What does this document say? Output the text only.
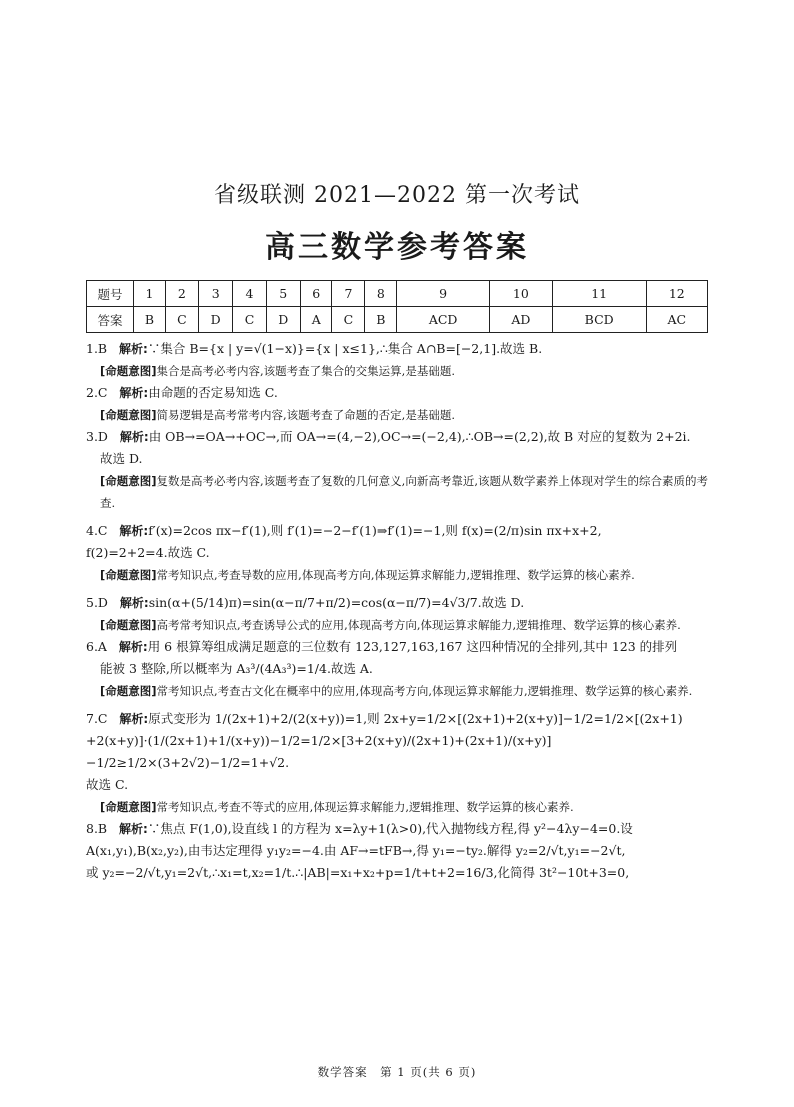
省级联测 2021—2022 第一次考试
高三数学参考答案
题号	1	2	3	4	5	6	7	8	9	10	11	12
答案	B	C	D	C	D	A	C	B	ACD	AD	BCD	AC

1.B 解析:∵集合 B={x | y=√(1−x)}={x | x≤1},∴集合 A∩B=[−2,1].故选 B.

[命题意图]集合是高考必考内容,该题考查了集合的交集运算,是基础题.

2.C 解析:由命题的否定易知选 C.

[命题意图]简易逻辑是高考常考内容,该题考查了命题的否定,是基础题.

3.D 解析:由 OB→=OA→+OC→,而 OA→=(4,−2),OC→=(−2,4),∴OB→=(2,2),故 B 对应的复数为 2+2i.

故选 D.

[命题意图]复数是高考必考内容,该题考查了复数的几何意义,向新高考靠近,该题从数学素养上体现对学生的综合素质的考查.

4.C 解析:f′(x)=2cos πx−f′(1),则 f′(1)=−2−f′(1)⇒f′(1)=−1,则 f(x)=(2/π)sin πx+x+2,

f(2)=2+2=4.故选 C.

[命题意图]常考知识点,考查导数的应用,体现高考方向,体现运算求解能力,逻辑推理、数学运算的核心素养.

5.D 解析:sin(α+(5/14)π)=sin(α−π/7+π/2)=cos(α−π/7)=4√3/7.故选 D.

[命题意图]高考常考知识点,考查诱导公式的应用,体现高考方向,体现运算求解能力,逻辑推理、数学运算的核心素养.

6.A 解析:用 6 根算筹组成满足题意的三位数有 123,127,163,167 这四种情况的全排列,其中 123 的排列

能被 3 整除,所以概率为 A₃³/(4A₃³)=1/4.故选 A.

[命题意图]常考知识点,考查古文化在概率中的应用,体现高考方向,体现运算求解能力,逻辑推理、数学运算的核心素养.

7.C 解析:原式变形为 1/(2x+1)+2/(2(x+y))=1,则 2x+y=1/2×[(2x+1)+2(x+y)]−1/2=1/2×[(2x+1)

+2(x+y)]·(1/(2x+1)+1/(x+y))−1/2=1/2×[3+2(x+y)/(2x+1)+(2x+1)/(x+y)]−1/2≥1/2×(3+2√2)−1/2=1+√2.

故选 C.

[命题意图]常考知识点,考查不等式的应用,体现运算求解能力,逻辑推理、数学运算的核心素养.

8.B 解析:∵焦点 F(1,0),设直线 l 的方程为 x=λy+1(λ>0),代入抛物线方程,得 y²−4λy−4=0.设

A(x₁,y₁),B(x₂,y₂),由韦达定理得 y₁y₂=−4.由 AF→=tFB→,得 y₁=−ty₂.解得 y₂=2/√t,y₁=−2√t,

或 y₂=−2/√t,y₁=2√t,∴x₁=t,x₂=1/t.∴|AB|=x₁+x₂+p=1/t+t+2=16/3,化简得 3t²−10t+3=0,

数学答案　第 1 页(共 6 页)
